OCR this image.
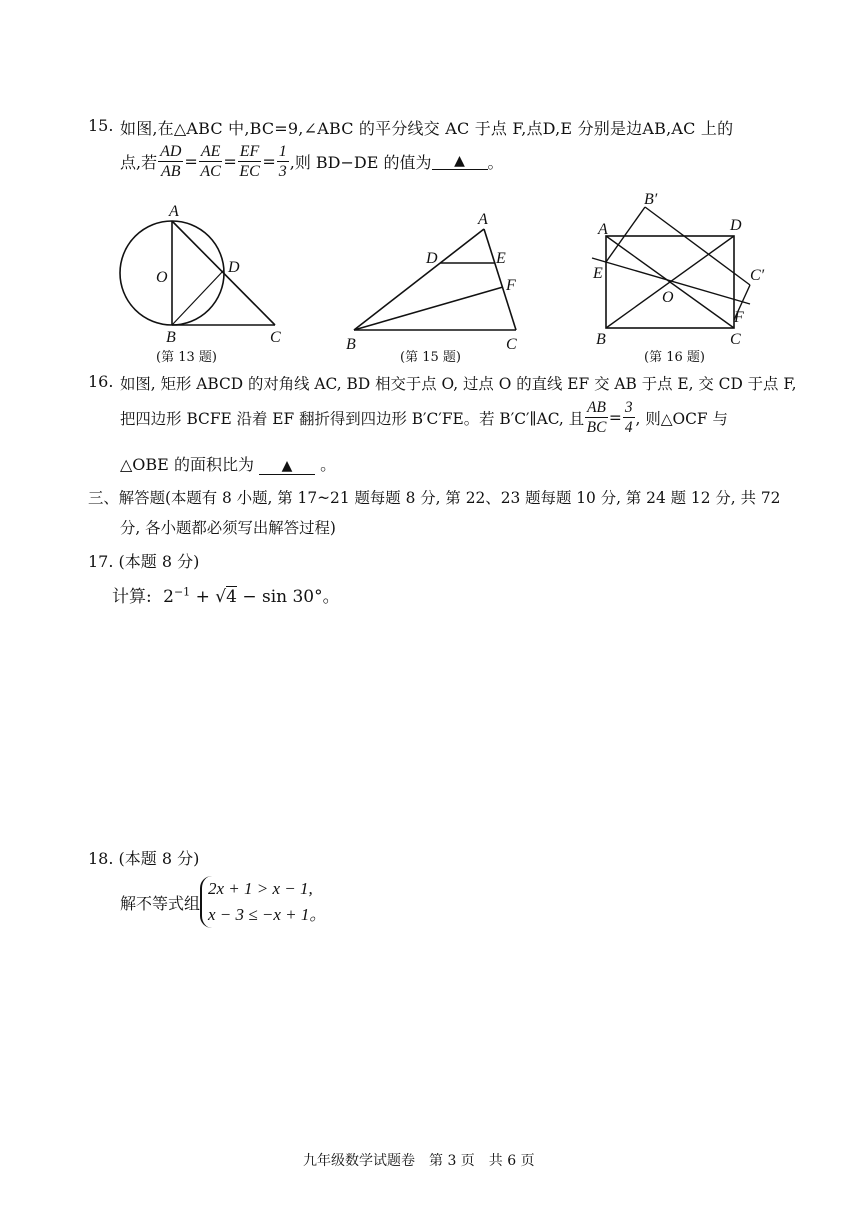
15. 如图,在△ABC 中,BC=9,∠ABC 的平分线交 AC 于点 F,点D,E 分别是边AB,AC 上的
点,若 $\frac{AD}{AB} = \frac{AE}{AC} = \frac{EF}{EC} = \frac{1}{3}$ ,则 BD−DE 的值为	▲	。
A
O
D
B	C
(第 13 题)
A
D	E
F
B	C
(第 15 题)
B′
A	D
E	C′
O
F
B	C
(第 16 题)
16. 如图, 矩形 ABCD 的对角线 AC, BD 相交于点 O, 过点 O 的直线 EF 交 AB 于点 E, 交 CD 于点 F,
把四边形 BCFE 沿着 EF 翻折得到四边形 B′C′FE。若 B′C′∥AC, 且 $\frac{AB}{BC} = \frac{3}{4}$ , 则△OCF 与
△OBE 的面积比为 ▲ 。
三、解答题(本题有 8 小题, 第 17~21 题每题 8 分, 第 22、23 题每题 10 分, 第 24 题 12 分, 共 72
分, 各小题都必须写出解答过程)
17. (本题 8 分)
计算: $2^{-1} + √4 - \sin 30^\circ$。
18. (本题 8 分)
解不等式组
2x + 1 > x − 1,
x − 3 ≤ −x + 1。
九年级数学试题卷　第 3 页　共 6 页
